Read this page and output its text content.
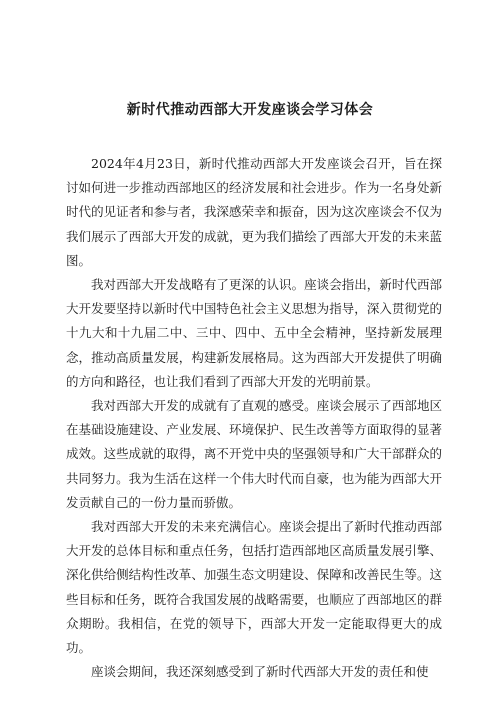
新时代推动西部大开发座谈会学习体会

2024年4月23日，新时代推动西部大开发座谈会召开，旨在探讨如何进一步推动西部地区的经济发展和社会进步。作为一名身处新时代的见证者和参与者，我深感荣幸和振奋，因为这次座谈会不仅为我们展示了西部大开发的成就，更为我们描绘了西部大开发的未来蓝图。

我对西部大开发战略有了更深的认识。座谈会指出，新时代西部大开发要坚持以新时代中国特色社会主义思想为指导，深入贯彻党的十九大和十九届二中、三中、四中、五中全会精神，坚持新发展理念，推动高质量发展，构建新发展格局。这为西部大开发提供了明确的方向和路径，也让我们看到了西部大开发的光明前景。

我对西部大开发的成就有了直观的感受。座谈会展示了西部地区在基础设施建设、产业发展、环境保护、民生改善等方面取得的显著成效。这些成就的取得，离不开党中央的坚强领导和广大干部群众的共同努力。我为生活在这样一个伟大时代而自豪，也为能为西部大开发贡献自己的一份力量而骄傲。

我对西部大开发的未来充满信心。座谈会提出了新时代推动西部大开发的总体目标和重点任务，包括打造西部地区高质量发展引擎、深化供给侧结构性改革、加强生态文明建设、保障和改善民生等。这些目标和任务，既符合我国发展的战略需要，也顺应了西部地区的群众期盼。我相信，在党的领导下，西部大开发一定能取得更大的成功。

座谈会期间，我还深刻感受到了新时代西部大开发的责任和使
